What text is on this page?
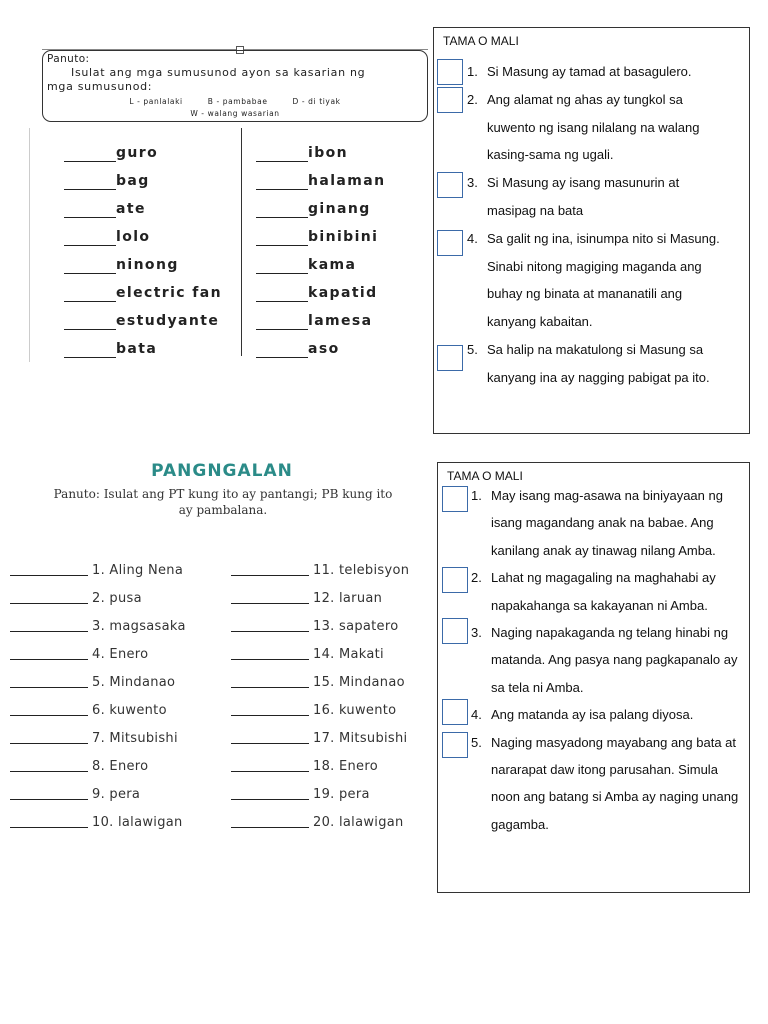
Panuto:
Isulat ang mga sumusunod ayon sa kasarian ng
mga sumusunod:
L - panlalaki	B - pambabae	D - di tiyak
W - walang wasarian
guro
bag
ate
lolo
ninong
electric fan
estudyante
bata
ibon
halaman
ginang
binibini
kama
kapatid
lamesa
aso
TAMA O MALI
1. Si Masung ay tamad at basagulero.
2. Ang alamat ng ahas ay tungkol sa
kuwento ng isang nilalang na walang
kasing-sama ng ugali.
3. Si Masung ay isang masunurin at
masipag na bata
4. Sa galit ng ina, isinumpa nito si Masung.
Sinabi nitong magiging maganda ang
buhay ng binata at mananatili ang
kanyang kabaitan.
5. Sa halip na makatulong si Masung sa
kanyang ina ay nagging pabigat pa ito.
PANGNGALAN
Panuto: Isulat ang PT kung ito ay pantangi; PB kung ito
ay pambalana.
1. Aling Nena
2. pusa
3. magsasaka
4. Enero
5. Mindanao
6. kuwento
7. Mitsubishi
8. Enero
9. pera
10. lalawigan
11. telebisyon
12. laruan
13. sapatero
14. Makati
15. Mindanao
16. kuwento
17. Mitsubishi
18. Enero
19. pera
20. lalawigan
TAMA O MALI
1. May isang mag-asawa na biniyayaan ng
isang magandang anak na babae. Ang
kanilang anak ay tinawag nilang Amba.
2. Lahat ng magagaling na maghahabi ay
napakahanga sa kakayanan ni Amba.
3. Naging napakaganda ng telang hinabi ng
matanda. Ang pasya nang pagkapanalo ay
sa tela ni Amba.
4. Ang matanda ay isa palang diyosa.
5. Naging masyadong mayabang ang bata at
nararapat daw itong parusahan. Simula
noon ang batang si Amba ay naging unang
gagamba.
